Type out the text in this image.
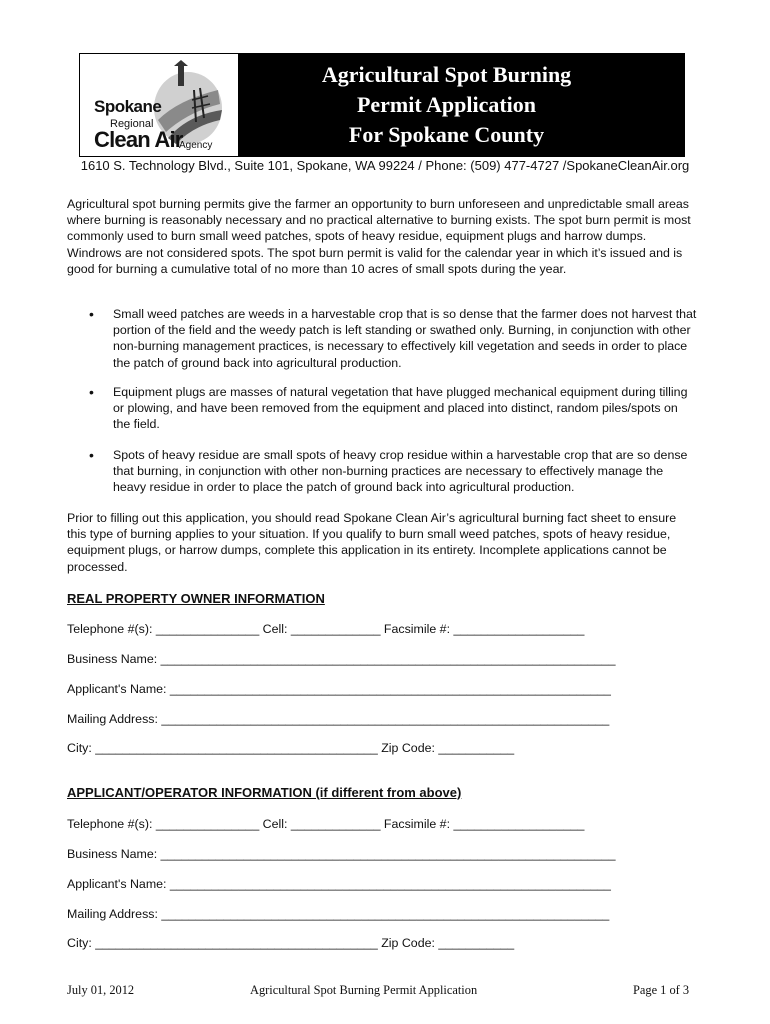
Spokane
Regional
Clean Air
Agency
Agricultural Spot Burning
Permit Application
For Spokane County
1610 S. Technology Blvd., Suite 101, Spokane, WA 99224 / Phone: (509) 477-4727 /SpokaneCleanAir.org
Agricultural spot burning permits give the farmer an opportunity to burn unforeseen and unpredictable small areas where burning is reasonably necessary and no practical alternative to burning exists. The spot burn permit is most commonly used to burn small weed patches, spots of heavy residue, equipment plugs and harrow dumps. Windrows are not considered spots. The spot burn permit is valid for the calendar year in which it’s issued and is good for burning a cumulative total of no more than 10 acres of small spots during the year.
• Small weed patches are weeds in a harvestable crop that is so dense that the farmer does not harvest that portion of the field and the weedy patch is left standing or swathed only. Burning, in conjunction with other non-burning management practices, is necessary to effectively kill vegetation and seeds in order to place the patch of ground back into agricultural production.
• Equipment plugs are masses of natural vegetation that have plugged mechanical equipment during tilling or plowing, and have been removed from the equipment and placed into distinct, random piles/spots on the field.
• Spots of heavy residue are small spots of heavy crop residue within a harvestable crop that are so dense that burning, in conjunction with other non-burning practices are necessary to effectively manage the heavy residue in order to place the patch of ground back into agricultural production.
Prior to filling out this application, you should read Spokane Clean Air’s agricultural burning fact sheet to ensure this type of burning applies to your situation. If you qualify to burn small weed patches, spots of heavy residue, equipment plugs, or harrow dumps, complete this application in its entirety. Incomplete applications cannot be processed.
REAL PROPERTY OWNER INFORMATION
Telephone #(s): _______________ Cell: _____________ Facsimile #: ___________________
Business Name: __________________________________________________________________
Applicant's Name: ________________________________________________________________
Mailing Address: _________________________________________________________________
City: _________________________________________ Zip Code: ___________
APPLICANT/OPERATOR INFORMATION (if different from above)
Telephone #(s): _______________ Cell: _____________ Facsimile #: ___________________
Business Name: __________________________________________________________________
Applicant's Name: ________________________________________________________________
Mailing Address: _________________________________________________________________
City: _________________________________________ Zip Code: ___________
July 01, 2012	Agricultural Spot Burning Permit Application	Page 1 of 3
